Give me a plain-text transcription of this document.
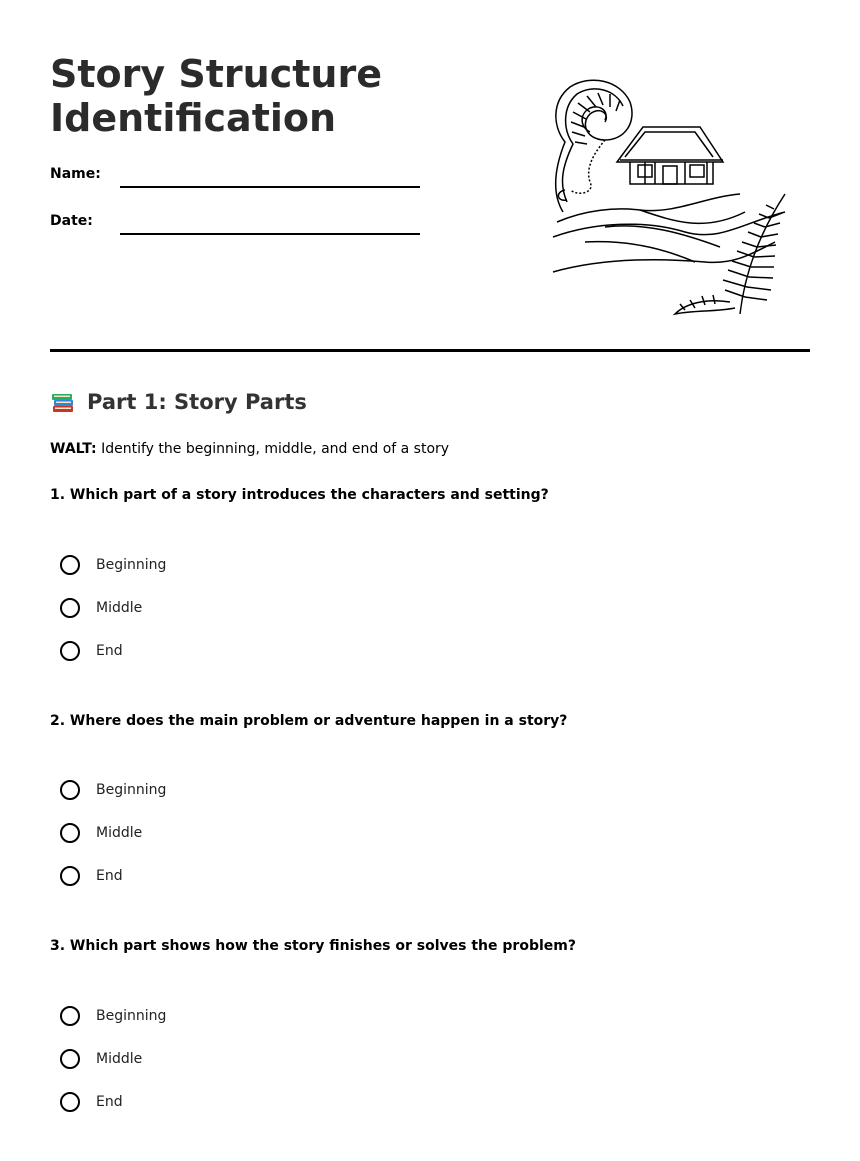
Story Structure Identification
Name:
Date:
Part 1: Story Parts
WALT: Identify the beginning, middle, and end of a story
1. Which part of a story introduces the characters and setting?
Beginning
Middle
End
2. Where does the main problem or adventure happen in a story?
Beginning
Middle
End
3. Which part shows how the story finishes or solves the problem?
Beginning
Middle
End
